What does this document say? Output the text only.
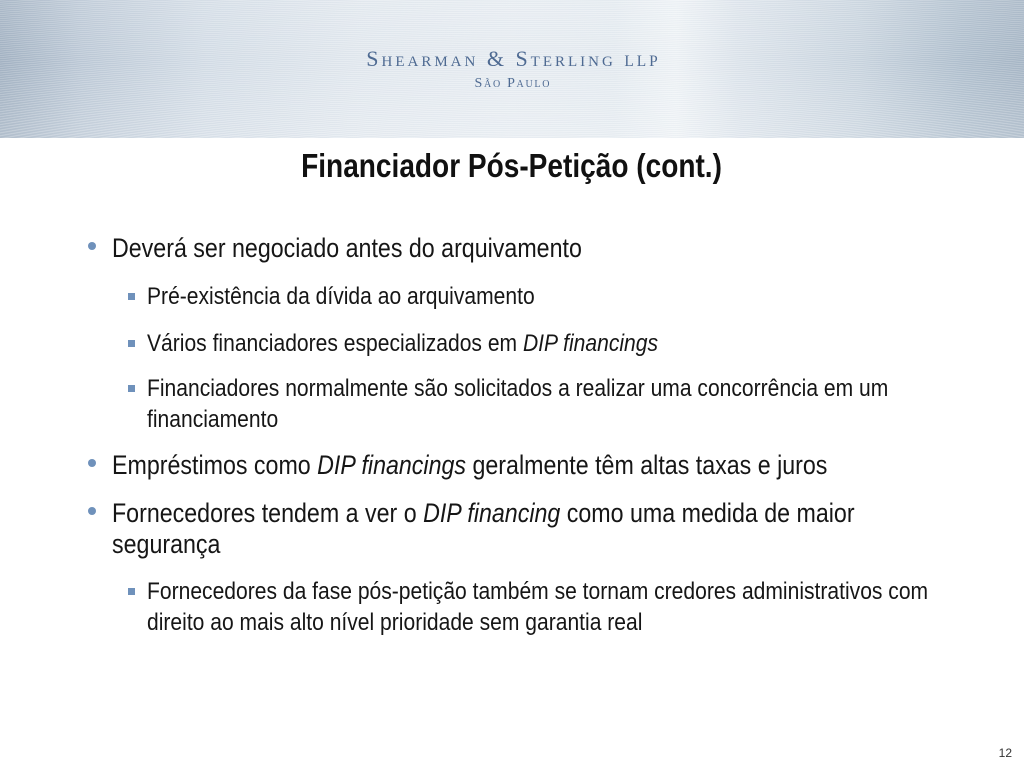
Shearman & Sterling LLP
São Paulo
Financiador Pós-Petição (cont.)
Deverá ser negociado antes do arquivamento
Pré-existência da dívida ao arquivamento
Vários financiadores especializados em DIP financings
Financiadores normalmente são solicitados a realizar uma concorrência em um financiamento
Empréstimos como DIP financings geralmente têm altas taxas e juros
Fornecedores tendem a ver o DIP financing como uma medida de maior segurança
Fornecedores da fase pós-petição também se tornam credores administrativos com direito ao mais alto nível prioridade sem garantia real
12
